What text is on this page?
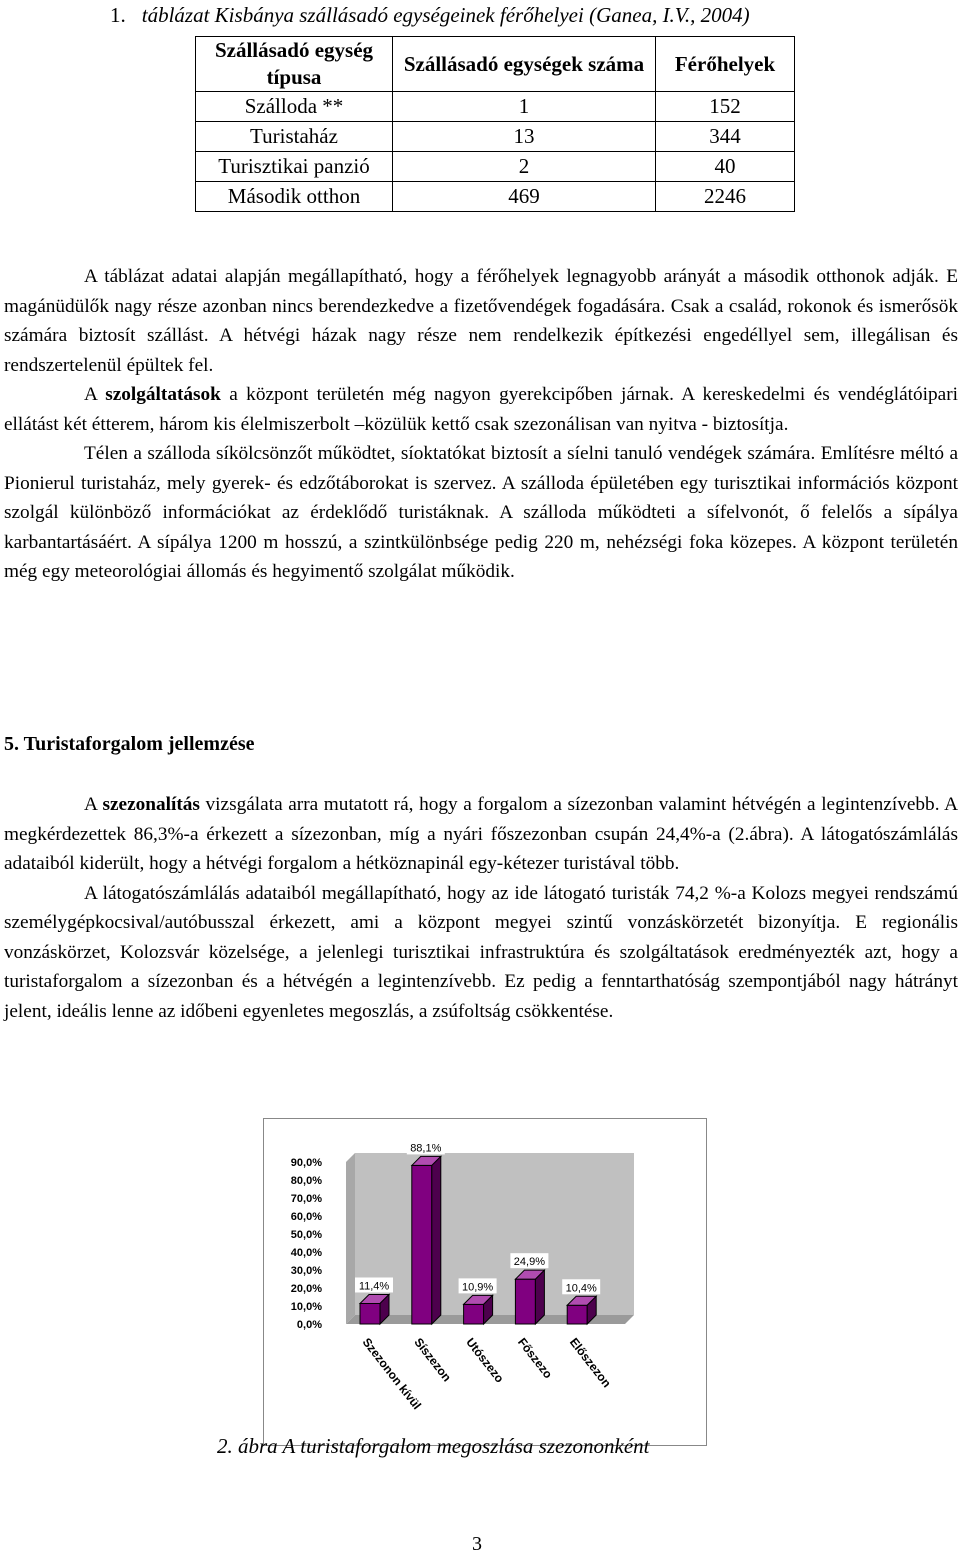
1. táblázat Kisbánya szállásadó egységeinek férőhelyei (Ganea, I.V., 2004)
Szállásadó egység típusa	Szállásadó egységek száma	Férőhelyek
Szálloda **	1	152
Turistaház	13	344
Turisztikai panzió	2	40
Második otthon	469	2246

A táblázat adatai alapján megállapítható, hogy a férőhelyek legnagyobb arányát a második otthonok adják. E magánüdülők nagy része azonban nincs berendezkedve a fizetővendégek fogadására. Csak a család, rokonok és ismerősök számára biztosít szállást. A hétvégi házak nagy része nem rendelkezik építkezési engedéllyel sem, illegálisan és rendszertelenül épültek fel.

A szolgáltatások a központ területén még nagyon gyerekcipőben járnak. A kereskedelmi és vendéglátóipari ellátást két étterem, három kis élelmiszerbolt –közülük kettő csak szezonálisan van nyitva - biztosítja.

Télen a szálloda síkölcsönzőt működtet, síoktatókat biztosít a síelni tanuló vendégek számára. Említésre méltó a Pionierul turistaház, mely gyerek- és edzőtáborokat is szervez. A szálloda épületében egy turisztikai információs központ szolgál különböző információkat az érdeklődő turistáknak. A szálloda működteti a sífelvonót, ő felelős a sípálya karbantartásáért. A sípálya 1200 m hosszú, a szintkülönbsége pedig 220 m, nehézségi foka közepes. A központ területén még egy meteorológiai állomás és hegyimentő szolgálat működik.

5. Turistaforgalom jellemzése

A szezonalítás vizsgálata arra mutatott rá, hogy a forgalom a sízezonban valamint hétvégén a legintenzívebb. A megkérdezettek 86,3%-a érkezett a sízezonban, míg a nyári főszezonban csupán 24,4%-a (2.ábra). A látogatószámlálás adataiból kiderült, hogy a hétvégi forgalom a hétköznapinál egy-kétezer turistával több.

A látogatószámlálás adataiból megállapítható, hogy az ide látogató turisták 74,2 %-a Kolozs megyei rendszámú személygépkocsival/autóbusszal érkezett, ami a központ megyei szintű vonzáskörzetét bizonyítja. E regionális vonzáskörzet, Kolozsvár közelsége, a jelenlegi turisztikai infrastruktúra és szolgáltatások eredményezték azt, hogy a turistaforgalom a sízezonban és a hétvégén a legintenzívebb. Ez pedig a fenntarthatóság szempontjából nagy hátrányt jelent, ideális lenne az időbeni egyenletes megoszlás, a zsúfoltság csökkentése.

0,0%
10,0%
20,0%
30,0%
40,0%
50,0%
60,0%
70,0%
80,0%
90,0%
11,4%
Szezonon kívül
88,1%
Síszezon
10,9%
Utószezo
24,9%
Főszezo
10,4%
Előszezon
2. ábra A turistaforgalom megoszlása szezononként
3
